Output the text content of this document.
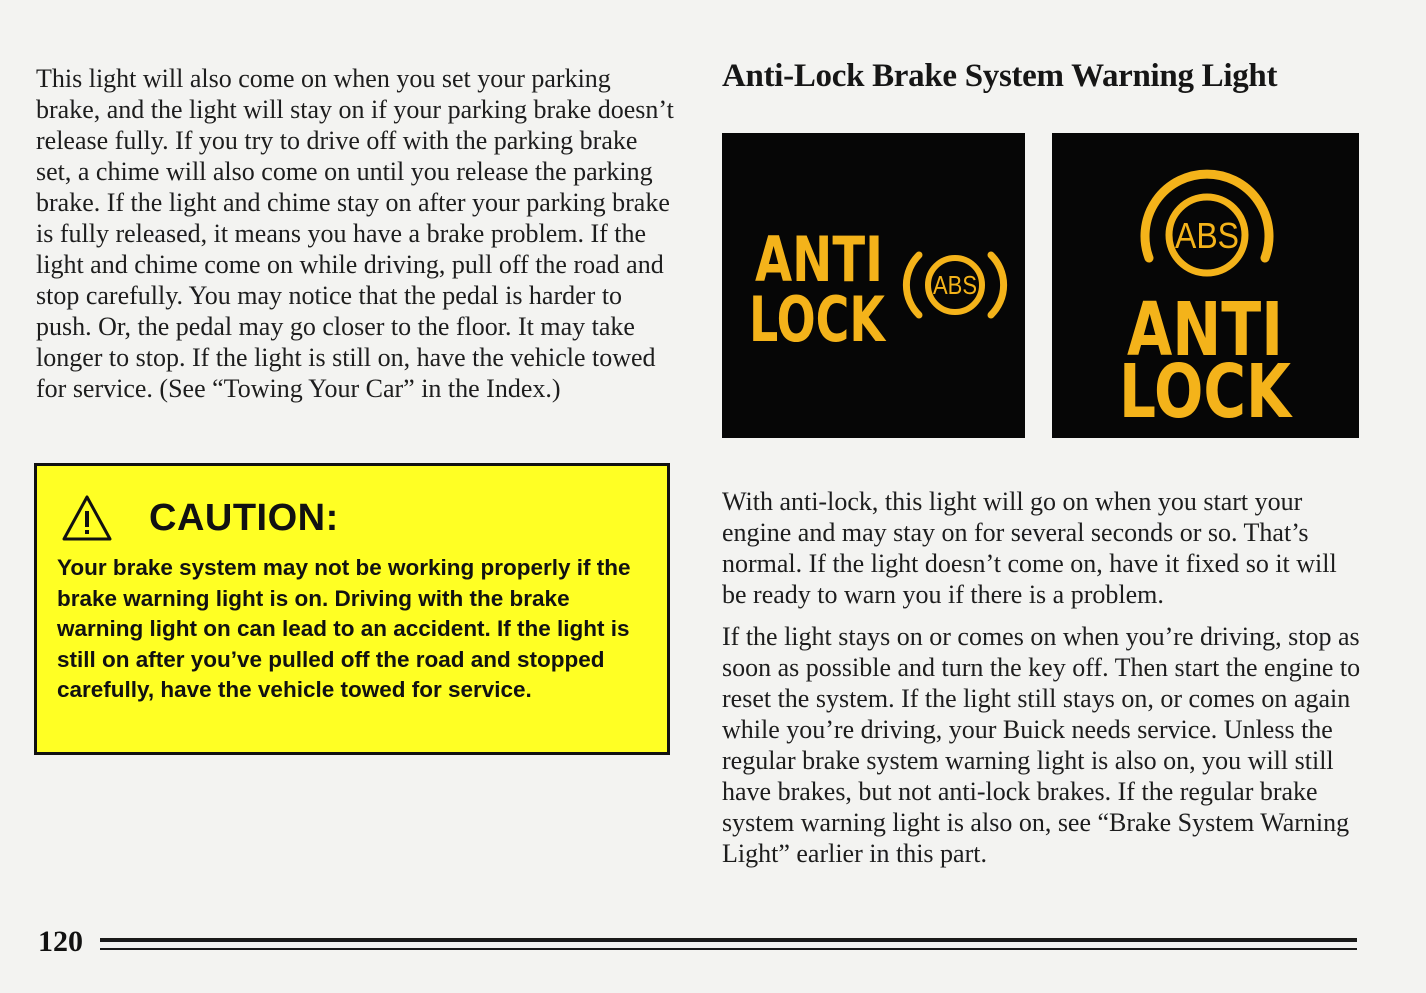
This light will also come on when you set your parking brake, and the light will stay on if your parking brake doesn’t release fully. If you try to drive off with the parking brake set, a chime will also come on until you release the parking brake. If the light and chime stay on after your parking brake is fully released, it means you have a brake problem. If the light and chime come on while driving, pull off the road and stop carefully. You may notice that the pedal is harder to push. Or, the pedal may go closer to the floor. It may take longer to stop. If the light is still on, have the vehicle towed for service. (See “Towing Your Car” in the Index.)

CAUTION:

Your brake system may not be working properly if the brake warning light is on. Driving with the brake warning light on can lead to an accident. If the light is still on after you’ve pulled off the road and stopped carefully, have the vehicle towed for service.

Anti-Lock Brake System Warning Light
ANTI
LOCK ABS
ABS
ANTI
LOCK

With anti-lock, this light will go on when you start your engine and may stay on for several seconds or so. That’s normal. If the light doesn’t come on, have it fixed so it will be ready to warn you if there is a problem.

If the light stays on or comes on when you’re driving, stop as soon as possible and turn the key off. Then start the engine to reset the system. If the light still stays on, or comes on again while you’re driving, your Buick needs service. Unless the regular brake system warning light is also on, you will still have brakes, but not anti-lock brakes. If the regular brake system warning light is also on, see “Brake System Warning Light” earlier in this part.

120
